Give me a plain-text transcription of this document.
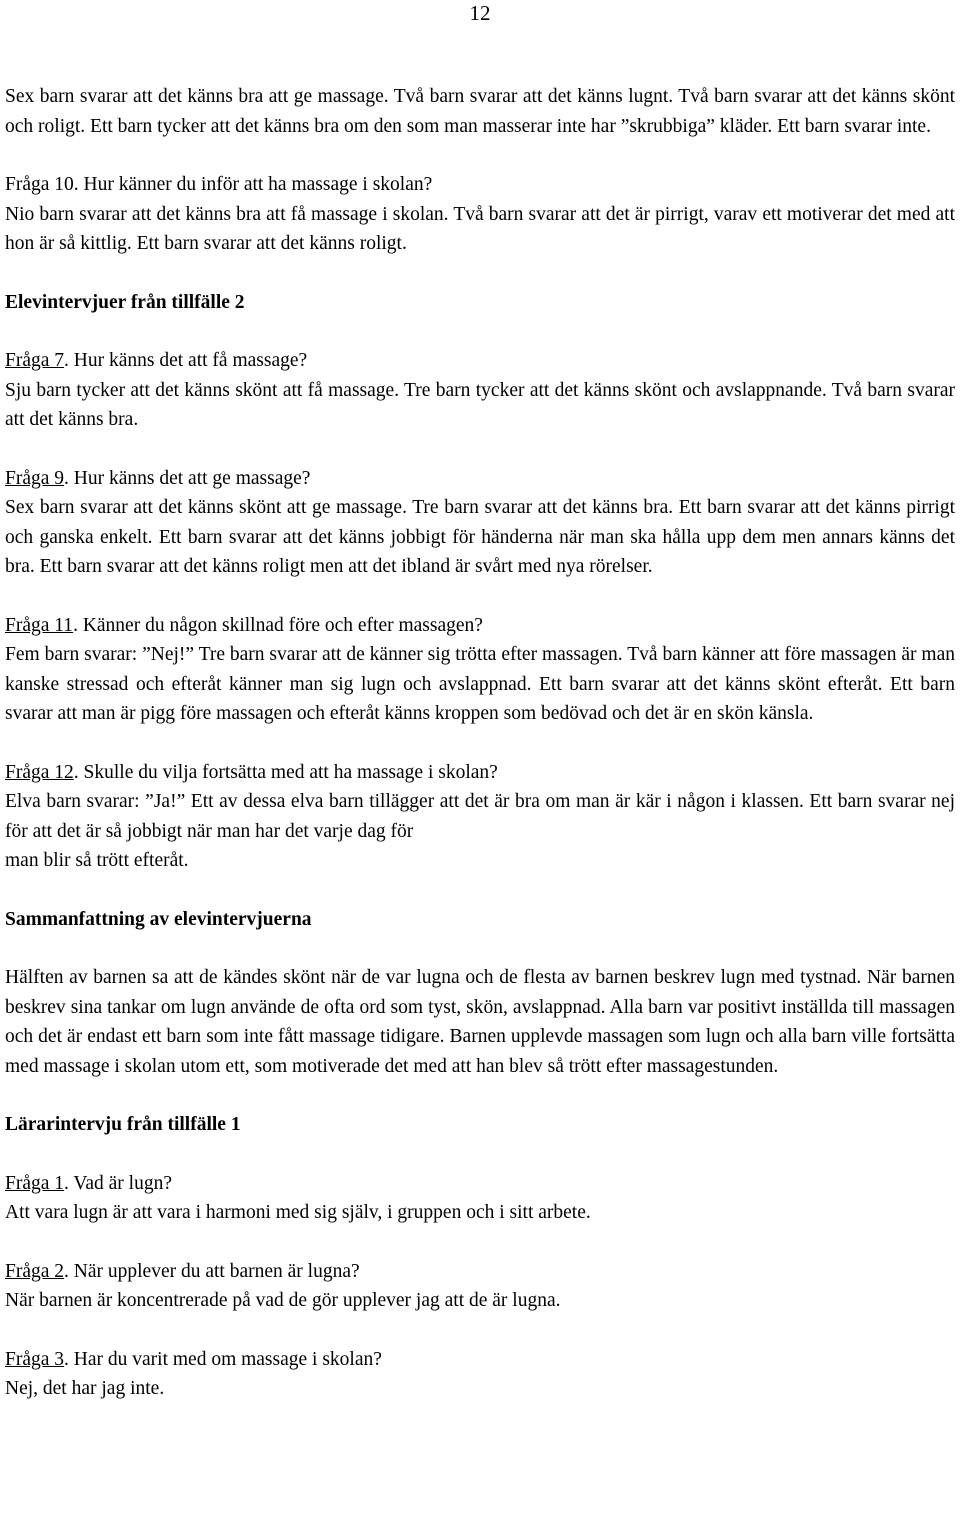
12

Sex barn svarar att det känns bra att ge massage. Två barn svarar att det känns lugnt. Två barn svarar att det känns skönt och roligt. Ett barn tycker att det känns bra om den som man masserar inte har ”skrubbiga” kläder. Ett barn svarar inte.

Fråga 10. Hur känner du inför att ha massage i skolan?

Nio barn svarar att det känns bra att få massage i skolan. Två barn svarar att det är pirrigt, varav ett motiverar det med att hon är så kittlig. Ett barn svarar att det känns roligt.

Elevintervjuer från tillfälle 2
Fråga 7. Hur känns det att få massage?

Sju barn tycker att det känns skönt att få massage. Tre barn tycker att det känns skönt och avslappnande. Två barn svarar att det känns bra.

Fråga 9. Hur känns det att ge massage?

Sex barn svarar att det känns skönt att ge massage. Tre barn svarar att det känns bra. Ett barn svarar att det känns pirrigt och ganska enkelt. Ett barn svarar att det känns jobbigt för händerna när man ska hålla upp dem men annars känns det bra. Ett barn svarar att det känns roligt men att det ibland är svårt med nya rörelser.

Fråga 11. Känner du någon skillnad före och efter massagen?

Fem barn svarar: ”Nej!” Tre barn svarar att de känner sig trötta efter massagen. Två barn känner att före massagen är man kanske stressad och efteråt känner man sig lugn och avslappnad. Ett barn svarar att det känns skönt efteråt. Ett barn svarar att man är pigg före massagen och efteråt känns kroppen som bedövad och det är en skön känsla.

Fråga 12. Skulle du vilja fortsätta med att ha massage i skolan?

Elva barn svarar: ”Ja!” Ett av dessa elva barn tillägger att det är bra om man är kär i någon i klassen. Ett barn svarar nej för att det är så jobbigt när man har det varje dag för

man blir så trött efteråt.

Sammanfattning av elevintervjuerna

Hälften av barnen sa att de kändes skönt när de var lugna och de flesta av barnen beskrev lugn med tystnad. När barnen beskrev sina tankar om lugn använde de ofta ord som tyst, skön, avslappnad. Alla barn var positivt inställda till massagen och det är endast ett barn som inte fått massage tidigare. Barnen upplevde massagen som lugn och alla barn ville fortsätta med massage i skolan utom ett, som motiverade det med att han blev så trött efter massagestunden.

Lärarintervju från tillfälle 1
Fråga 1. Vad är lugn?

Att vara lugn är att vara i harmoni med sig själv, i gruppen och i sitt arbete.

Fråga 2. När upplever du att barnen är lugna?

När barnen är koncentrerade på vad de gör upplever jag att de är lugna.

Fråga 3. Har du varit med om massage i skolan?

Nej, det har jag inte.
